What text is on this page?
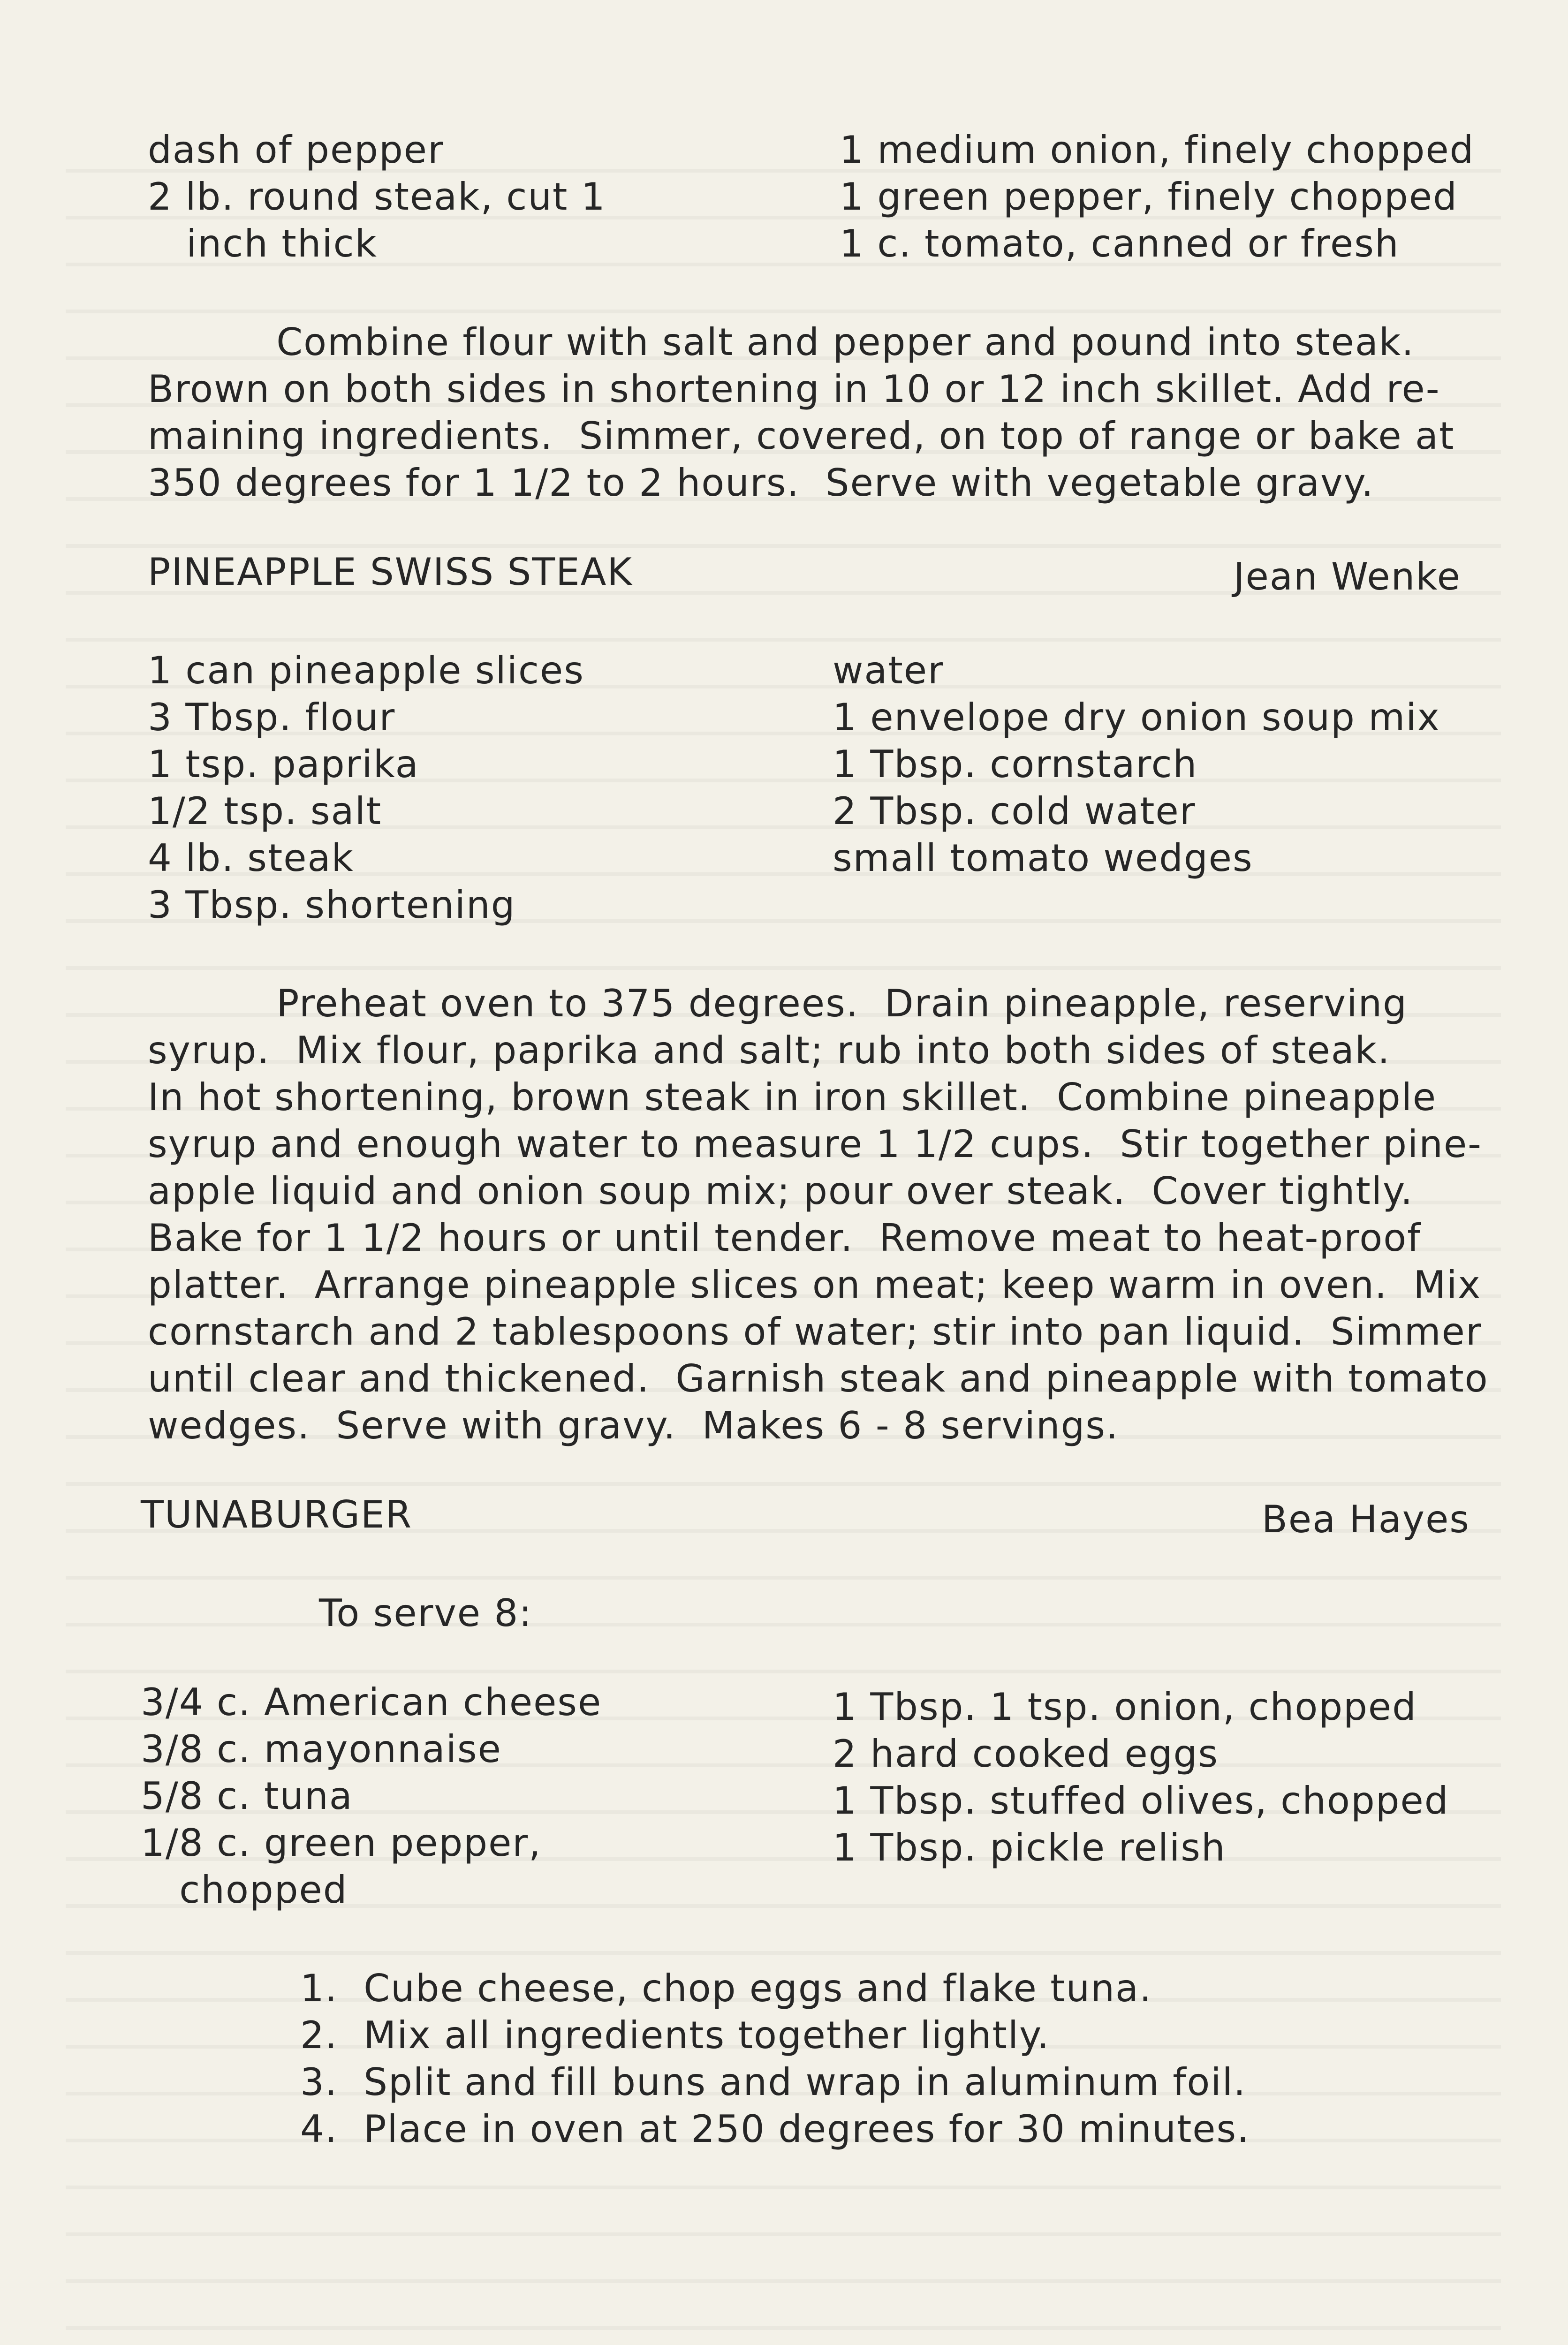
dash of pepper
2 lb. round steak, cut 1
inch thick
1 medium onion, finely chopped
1 green pepper, finely chopped
1 c. tomato, canned or fresh
Combine flour with salt and pepper and pound into steak.
Brown on both sides in shortening in 10 or 12 inch skillet. Add re-
maining ingredients.  Simmer, covered, on top of range or bake at
350 degrees for 1 1/2 to 2 hours.  Serve with vegetable gravy.
PINEAPPLE SWISS STEAK	Jean Wenke
1 can pineapple slices
3 Tbsp. flour
1 tsp. paprika
1/2 tsp. salt
4 lb. steak
3 Tbsp. shortening
water
1 envelope dry onion soup mix
1 Tbsp. cornstarch
2 Tbsp. cold water
small tomato wedges
Preheat oven to 375 degrees.  Drain pineapple, reserving
syrup.  Mix flour, paprika and salt; rub into both sides of steak.
In hot shortening, brown steak in iron skillet.  Combine pineapple
syrup and enough water to measure 1 1/2 cups.  Stir together pine-
apple liquid and onion soup mix; pour over steak.  Cover tightly.
Bake for 1 1/2 hours or until tender.  Remove meat to heat-proof
platter.  Arrange pineapple slices on meat; keep warm in oven.  Mix
cornstarch and 2 tablespoons of water; stir into pan liquid.  Simmer
until clear and thickened.  Garnish steak and pineapple with tomato
wedges.  Serve with gravy.  Makes 6 - 8 servings.
TUNABURGER	Bea Hayes
To serve 8:
3/4 c. American cheese
3/8 c. mayonnaise
5/8 c. tuna
1/8 c. green pepper,
chopped
1 Tbsp. 1 tsp. onion, chopped
2 hard cooked eggs
1 Tbsp. stuffed olives, chopped
1 Tbsp. pickle relish
1.  Cube cheese, chop eggs and flake tuna.
2.  Mix all ingredients together lightly.
3.  Split and fill buns and wrap in aluminum foil.
4.  Place in oven at 250 degrees for 30 minutes.
